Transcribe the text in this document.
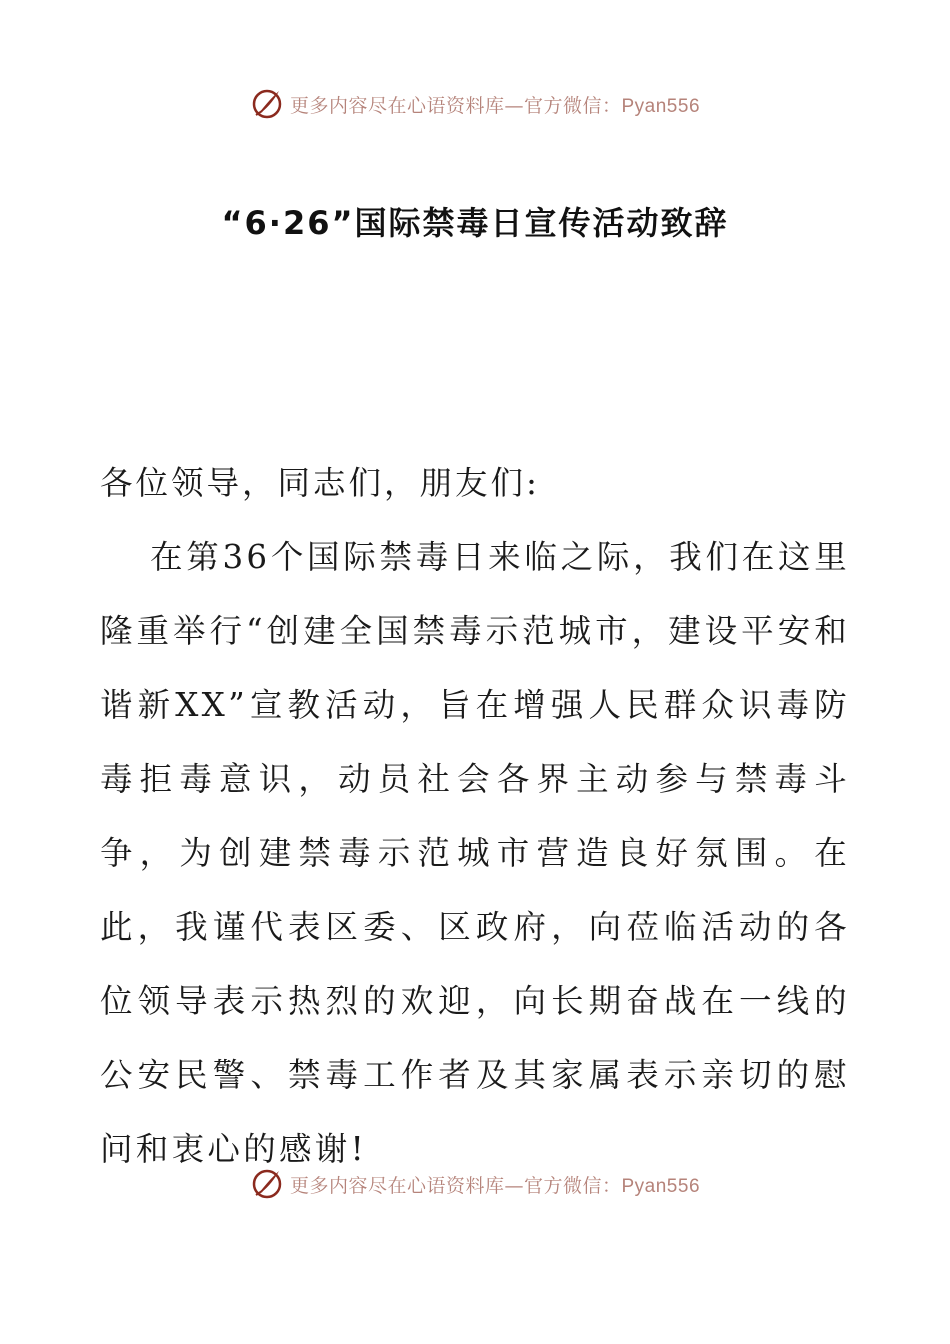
更多内容尽在心语资料库—官方微信：Pyan556
“6·26”国际禁毒日宣传活动致辞

各位领导，同志们，朋友们:

在第36个国际禁毒日来临之际，我们在这里隆重举行“创建全国禁毒示范城市，建设平安和谐新XX”宣教活动，旨在增强人民群众识毒防毒拒毒意识，动员社会各界主动参与禁毒斗争，为创建禁毒示范城市营造良好氛围。在此，我谨代表区委、区政府，向莅临活动的各位领导表示热烈的欢迎，向长期奋战在一线的公安民警、禁毒工作者及其家属表示亲切的慰问和衷心的感谢!

更多内容尽在心语资料库—官方微信：Pyan556
